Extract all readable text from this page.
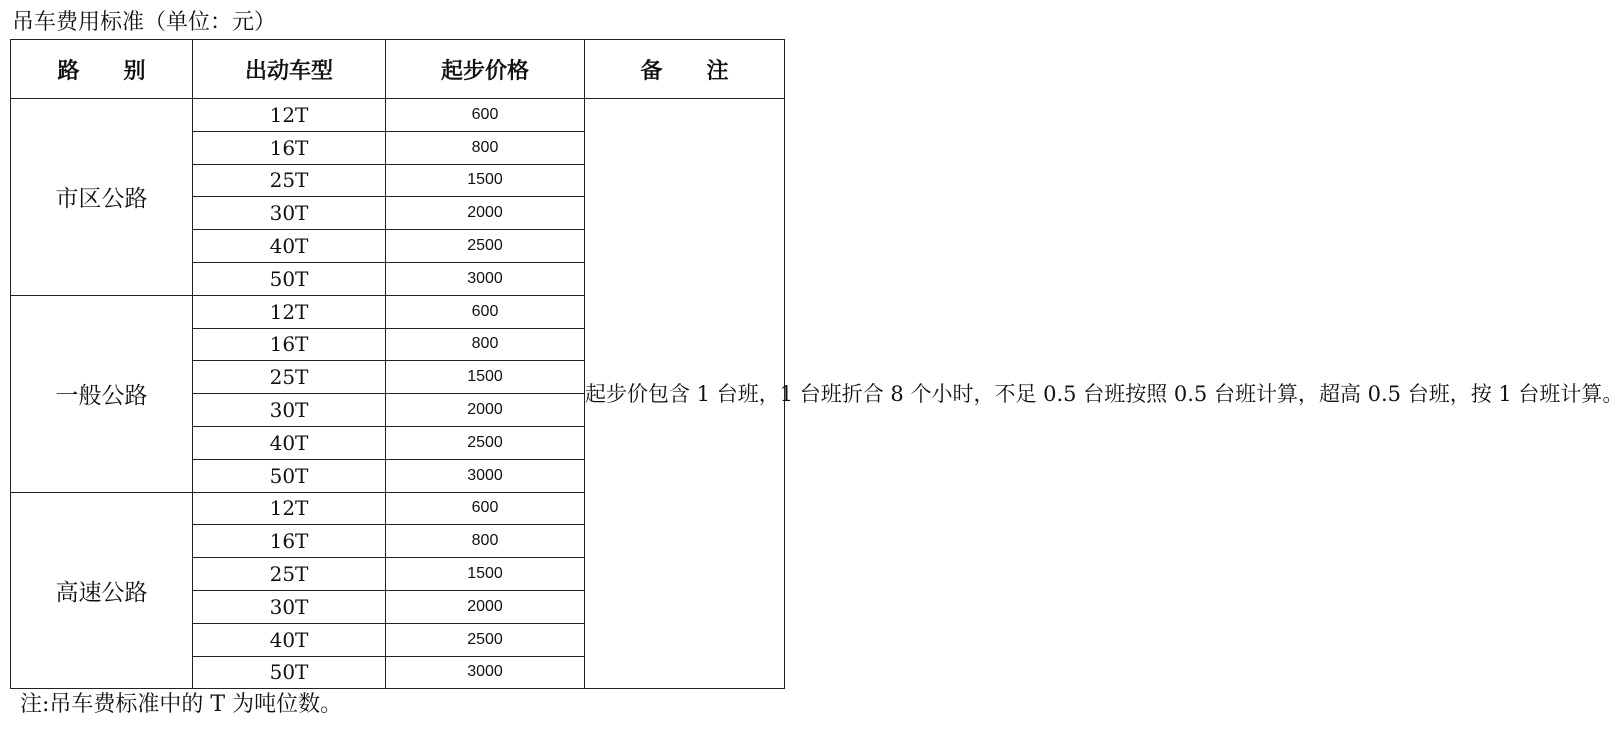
吊车费用标准（单位：元）
路　　别	出动车型	起步价格	备　　注
市区公路	12T	600	起步价包含 1 台班，1 台班折合 8 个小时，不足 0.5 台班按照 0.5 台班计算，超高 0.5 台班，按 1 台班计算。
	16T	800	
	25T	1500	
	30T	2000	
	40T	2500	
	50T	3000	
一般公路	12T	600	
	16T	800	
	25T	1500	
	30T	2000	
	40T	2500	
	50T	3000	
高速公路	12T	600	
	16T	800	
	25T	1500	
	30T	2000	
	40T	2500	
	50T	3000	
注:吊车费标准中的 T 为吨位数。
